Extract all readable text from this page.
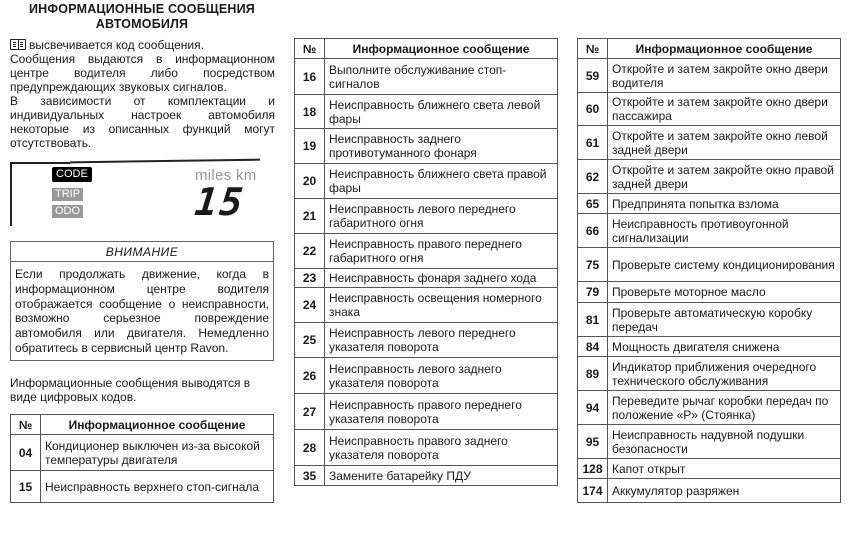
ИНФОРМАЦИОННЫЕ СООБЩЕНИЯ
АВТОМОБИЛЯ
высвечивается код сообщения.
Сообщения выдаются в информационном центре водителя либо посредством предупреждающих звуковых сигналов.
В зависимости от комплектации и индивидуальных настроек автомобиля некоторые из описанных функций могут отсутствовать.
CODE
TRIP
ODO
miles km
15
ВНИМАНИЕ
Если продолжать движение, когда в информационном центре водителя отображается сообщение о неисправности, возможно серьезное повреждение автомобиля или двигателя. Немедленно обратитесь в сервисный центр Ravon.
Информационные сообщения выводятся в виде цифровых кодов.
№	Информационное сообщение
04	Кондиционер выключен из-за высокой температуры двигателя
15	Неисправность верхнего стоп-сигнала
№	Информационное сообщение
16	Выполните обслуживание стоп-сигналов
18	Неисправность ближнего света левой фары
19	Неисправность заднего противотуманного фонаря
20	Неисправность ближнего света правой фары
21	Неисправность левого переднего габаритного огня
22	Неисправность правого переднего габаритного огня
23	Неисправность фонаря заднего хода
24	Неисправность освещения номерного знака
25	Неисправность левого переднего указателя поворота
26	Неисправность левого заднего указателя поворота
27	Неисправность правого переднего указателя поворота
28	Неисправность правого заднего указателя поворота
35	Замените батарейку ПДУ
№	Информационное сообщение
59	Откройте и затем закройте окно двери водителя
60	Откройте и затем закройте окно двери пассажира
61	Откройте и затем закройте окно левой задней двери
62	Откройте и затем закройте окно правой задней двери
65	Предпринята попытка взлома
66	Неисправность противоугонной сигнализации
75	Проверьте систему кондиционирования
79	Проверьте моторное масло
81	Проверьте автоматическую коробку передач
84	Мощность двигателя снижена
89	Индикатор приближения очередного технического обслуживания
94	Переведите рычаг коробки передач по положение «P» (Стоянка)
95	Неисправность надувной подушки безопасности
128	Капот открыт
174	Аккумулятор разряжен
